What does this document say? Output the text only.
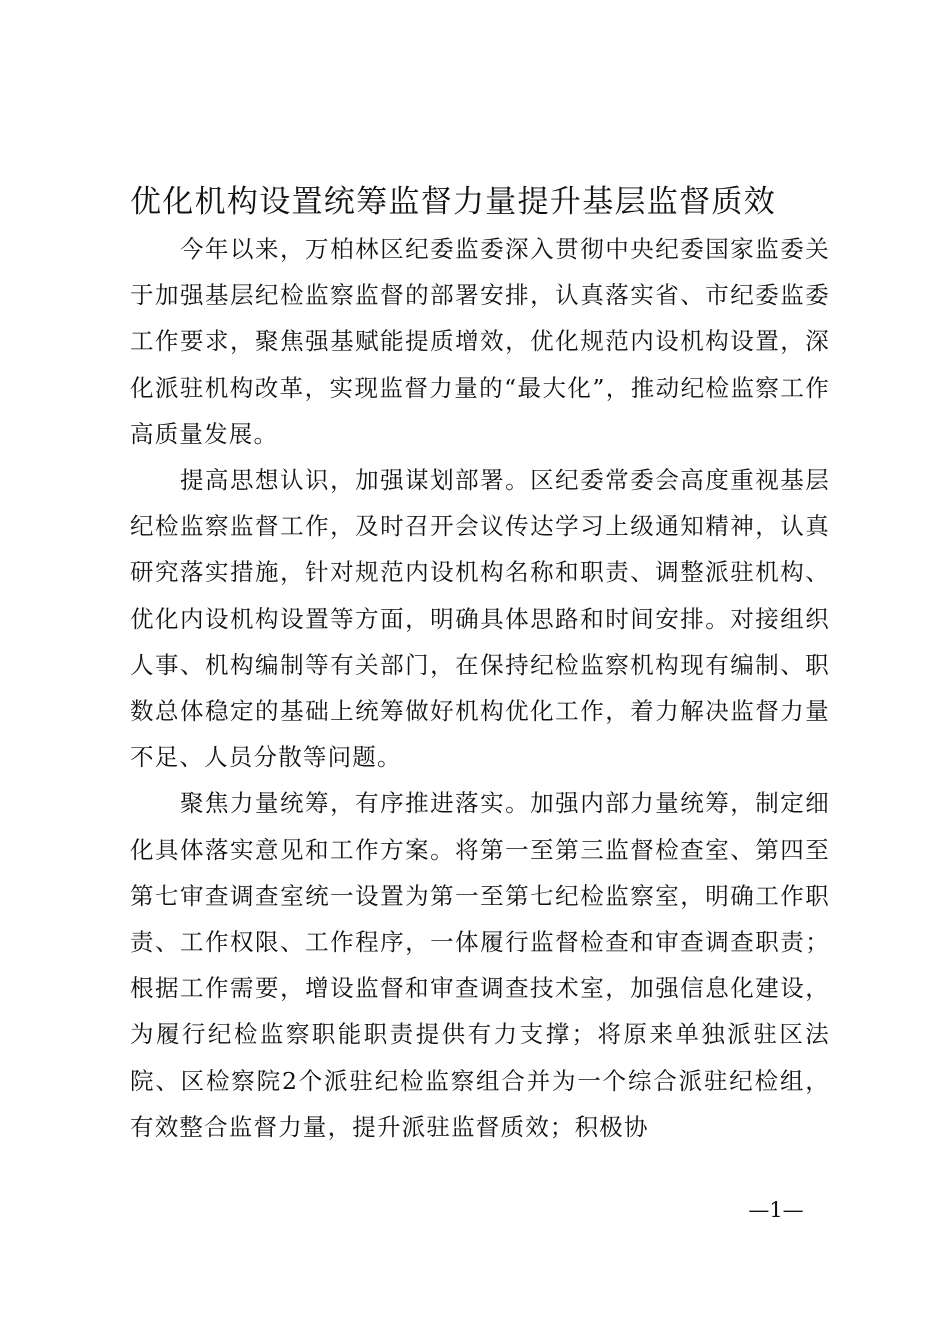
优化机构设置统筹监督力量提升基层监督质效

今年以来，万柏林区纪委监委深入贯彻中央纪委国家监委关于加强基层纪检监察监督的部署安排，认真落实省、市纪委监委工作要求，聚焦强基赋能提质增效，优化规范内设机构设置，深化派驻机构改革，实现监督力量的“最大化”，推动纪检监察工作高质量发展。

提高思想认识，加强谋划部署。区纪委常委会高度重视基层纪检监察监督工作，及时召开会议传达学习上级通知精神，认真研究落实措施，针对规范内设机构名称和职责、调整派驻机构、优化内设机构设置等方面，明确具体思路和时间安排。对接组织人事、机构编制等有关部门，在保持纪检监察机构现有编制、职数总体稳定的基础上统筹做好机构优化工作，着力解决监督力量不足、人员分散等问题。

聚焦力量统筹，有序推进落实。加强内部力量统筹，制定细化具体落实意见和工作方案。将第一至第三监督检查室、第四至第七审查调查室统一设置为第一至第七纪检监察室，明确工作职责、工作权限、工作程序，一体履行监督检查和审查调查职责；根据工作需要，增设监督和审查调查技术室，加强信息化建设，为履行纪检监察职能职责提供有力支撑；将原来单独派驻区法院、区检察院2个派驻纪检监察组合并为一个综合派驻纪检组，有效整合监督力量，提升派驻监督质效；积极协

—1—
